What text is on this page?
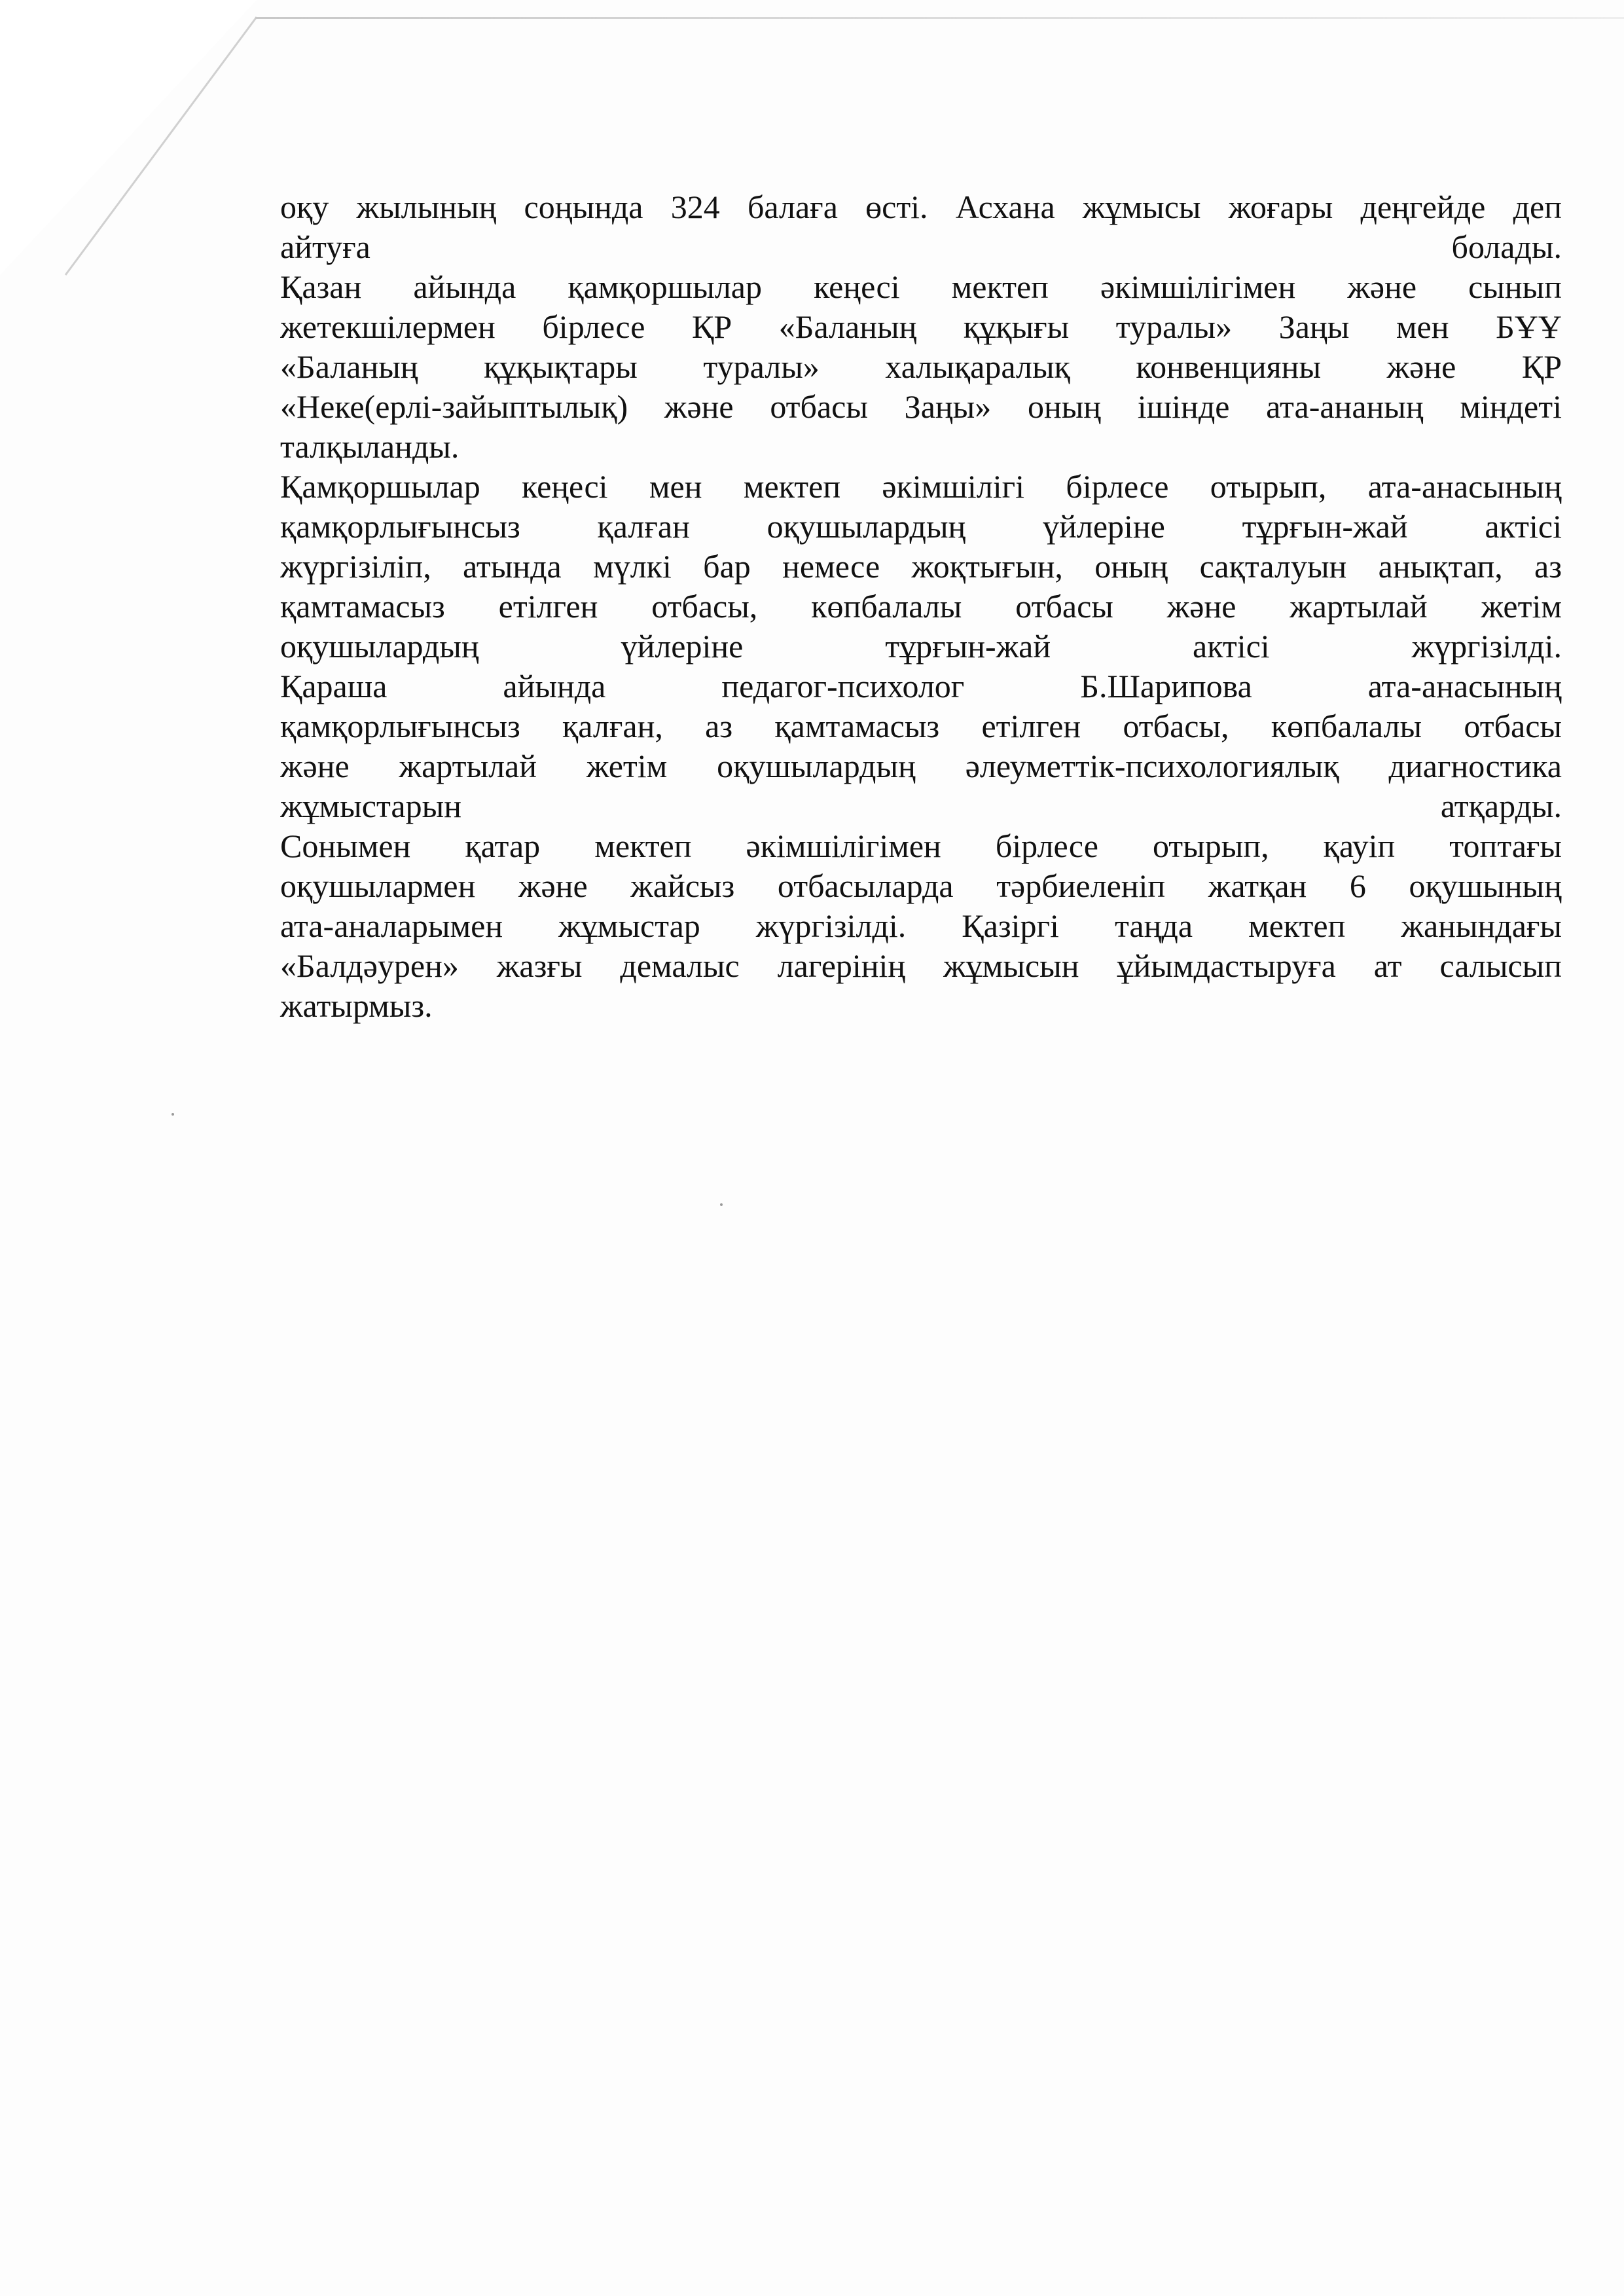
оқу жылының соңында 324 балаға өсті. Асхана жұмысы жоғары деңгейде деп
айтуға болады.
Қазан айында қамқоршылар кеңесі мектеп әкімшілігімен және сынып
жетекшілермен бірлесе ҚР «Баланың құқығы туралы» Заңы мен БҰҰ
«Баланың құқықтары туралы» халықаралық конвенцияны және ҚР
«Неке(ерлі-зайыптылық) және отбасы Заңы» оның ішінде ата-ананың міндеті
талқыланды.
Қамқоршылар кеңесі мен мектеп әкімшілігі бірлесе отырып, ата-анасының
қамқорлығынсыз қалған оқушылардың үйлеріне тұрғын-жай актісі
жүргізіліп, атында мүлкі бар немесе жоқтығын, оның сақталуын анықтап, аз
қамтамасыз етілген отбасы, көпбалалы отбасы және жартылай жетім
оқушылардың үйлеріне тұрғын-жай актісі жүргізілді.
Қараша айында педагог-психолог Б.Шарипова ата-анасының
қамқорлығынсыз қалған, аз қамтамасыз етілген отбасы, көпбалалы отбасы
және жартылай жетім оқушылардың әлеуметтік-психологиялық диагностика
жұмыстарын атқарды.
Сонымен қатар мектеп әкімшілігімен бірлесе отырып, қауіп топтағы
оқушылармен және жайсыз отбасыларда тәрбиеленіп жатқан 6 оқушының
ата-аналарымен жұмыстар жүргізілді. Қазіргі таңда мектеп жанындағы
«Балдәурен» жазғы демалыс лагерінің жұмысын ұйымдастыруға ат салысып
жатырмыз.
